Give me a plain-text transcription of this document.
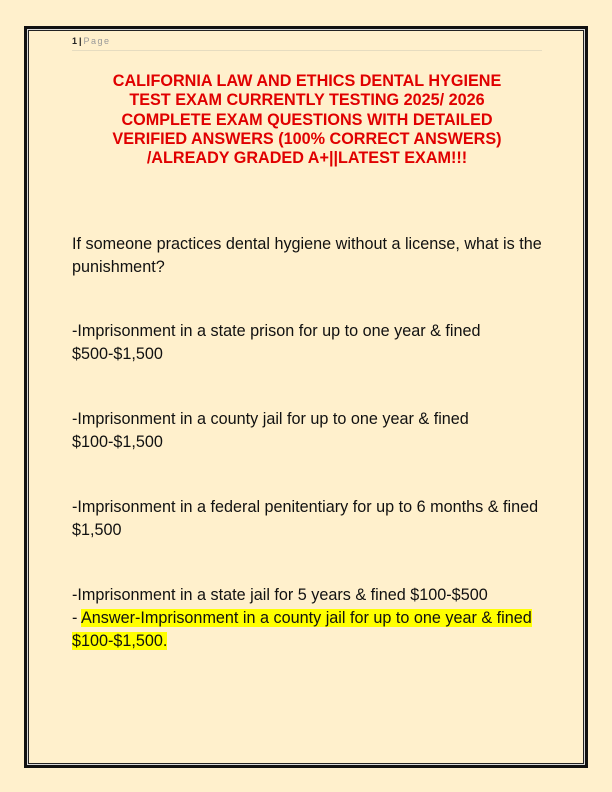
1 | Page
CALIFORNIA LAW AND ETHICS DENTAL HYGIENE
TEST EXAM CURRENTLY TESTING 2025/ 2026
COMPLETE EXAM QUESTIONS WITH DETAILED
VERIFIED ANSWERS (100% CORRECT ANSWERS)
/ALREADY GRADED A+||LATEST EXAM!!!
If someone practices dental hygiene without a license, what is the punishment?
-Imprisonment in a state prison for up to one year & fined $500-$1,500
-Imprisonment in a county jail for up to one year & fined $100-$1,500
-Imprisonment in a federal penitentiary for up to 6 months & fined $1,500
-Imprisonment in a state jail for 5 years & fined $100-$500
- Answer-Imprisonment in a county jail for up to one year & fined $100-$1,500.
